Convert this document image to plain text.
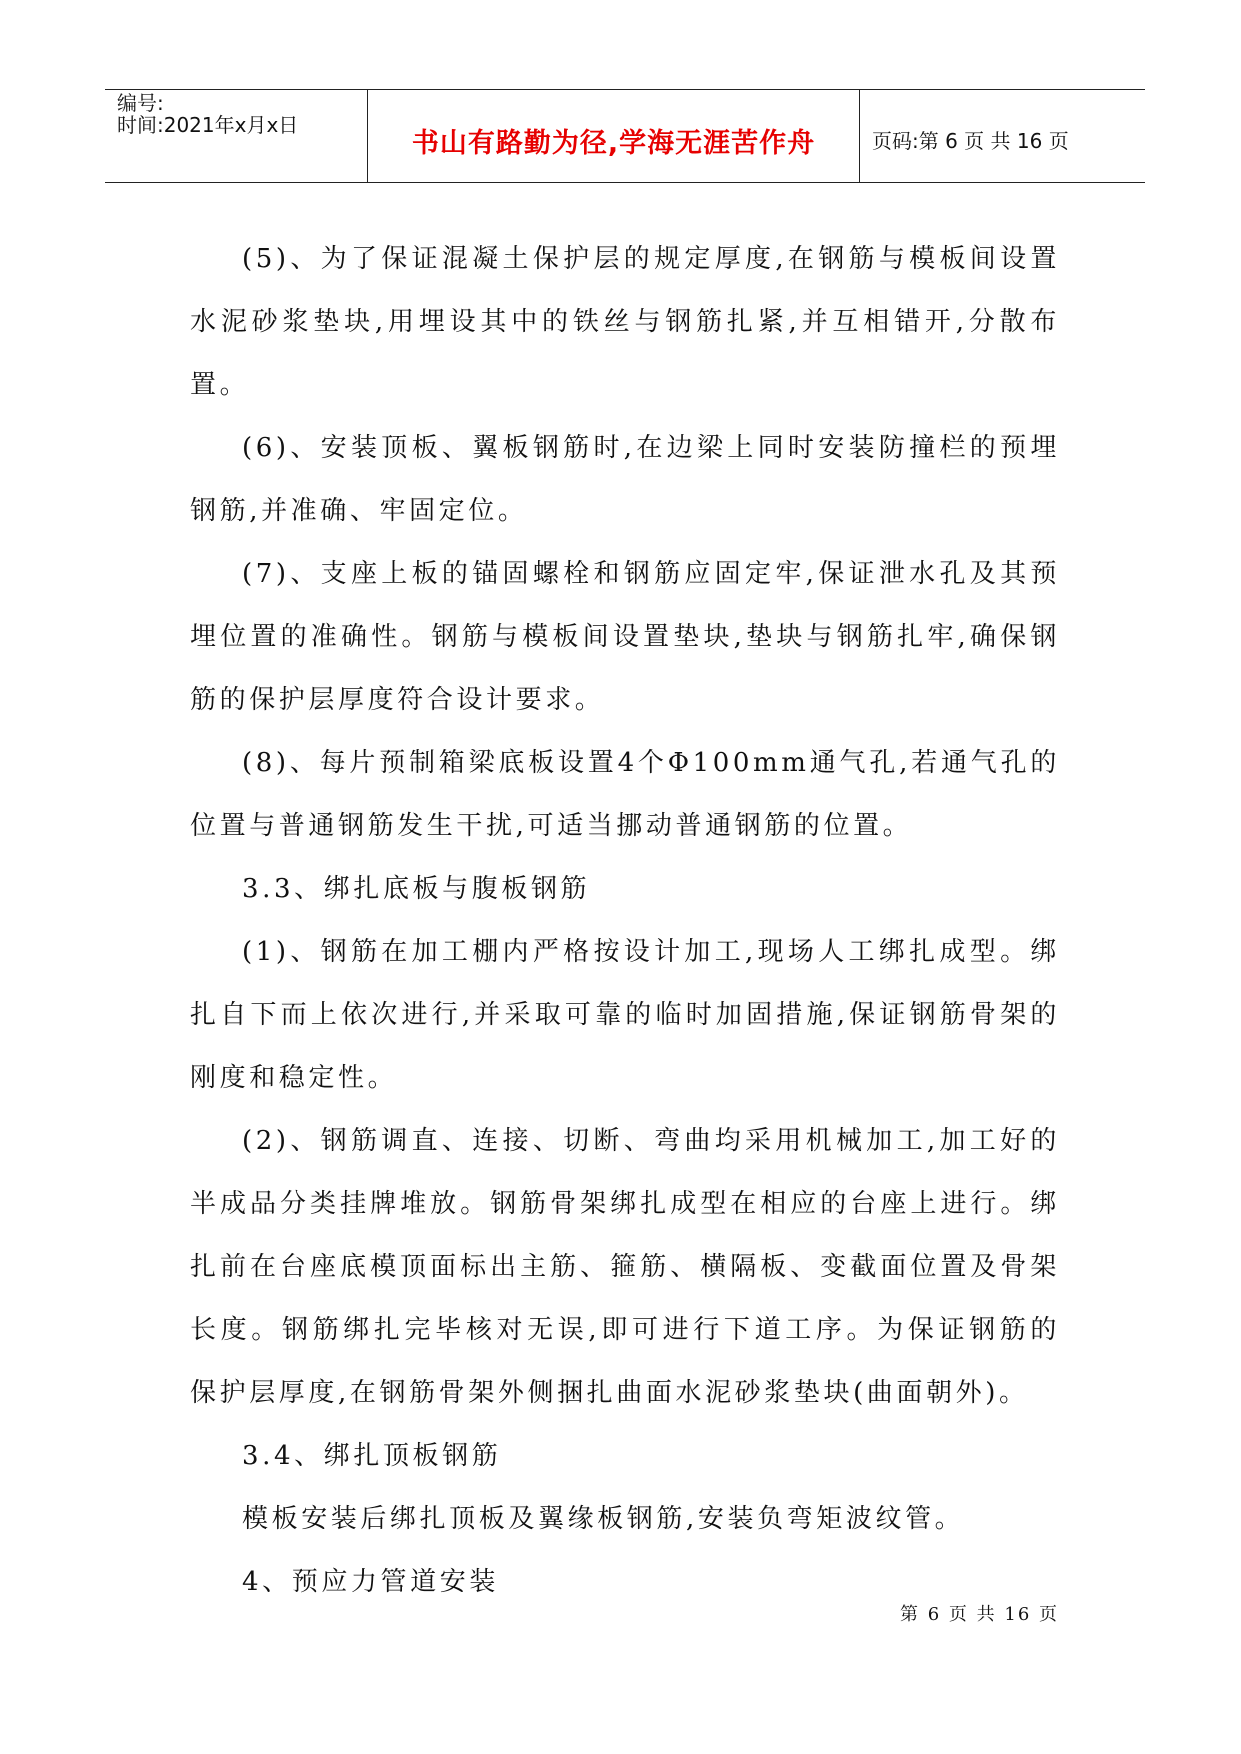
编号:
时间:2021年x月x日
书山有路勤为径,学海无涯苦作舟	页码:第 6 页 共 16 页

(5)、为了保证混凝土保护层的规定厚度,在钢筋与模板间设置水泥砂浆垫块,用埋设其中的铁丝与钢筋扎紧,并互相错开,分散布置。

(6)、安装顶板、翼板钢筋时,在边梁上同时安装防撞栏的预埋钢筋,并准确、牢固定位。

(7)、支座上板的锚固螺栓和钢筋应固定牢,保证泄水孔及其预埋位置的准确性。钢筋与模板间设置垫块,垫块与钢筋扎牢,确保钢筋的保护层厚度符合设计要求。

(8)、每片预制箱梁底板设置4个Φ100mm通气孔,若通气孔的位置与普通钢筋发生干扰,可适当挪动普通钢筋的位置。

3.3、绑扎底板与腹板钢筋

(1)、钢筋在加工棚内严格按设计加工,现场人工绑扎成型。绑扎自下而上依次进行,并采取可靠的临时加固措施,保证钢筋骨架的刚度和稳定性。

(2)、钢筋调直、连接、切断、弯曲均采用机械加工,加工好的半成品分类挂牌堆放。钢筋骨架绑扎成型在相应的台座上进行。绑扎前在台座底模顶面标出主筋、箍筋、横隔板、变截面位置及骨架长度。钢筋绑扎完毕核对无误,即可进行下道工序。为保证钢筋的保护层厚度,在钢筋骨架外侧捆扎曲面水泥砂浆垫块(曲面朝外)。

3.4、绑扎顶板钢筋

模板安装后绑扎顶板及翼缘板钢筋,安装负弯矩波纹管。

4、预应力管道安装

第 6 页 共 16 页
